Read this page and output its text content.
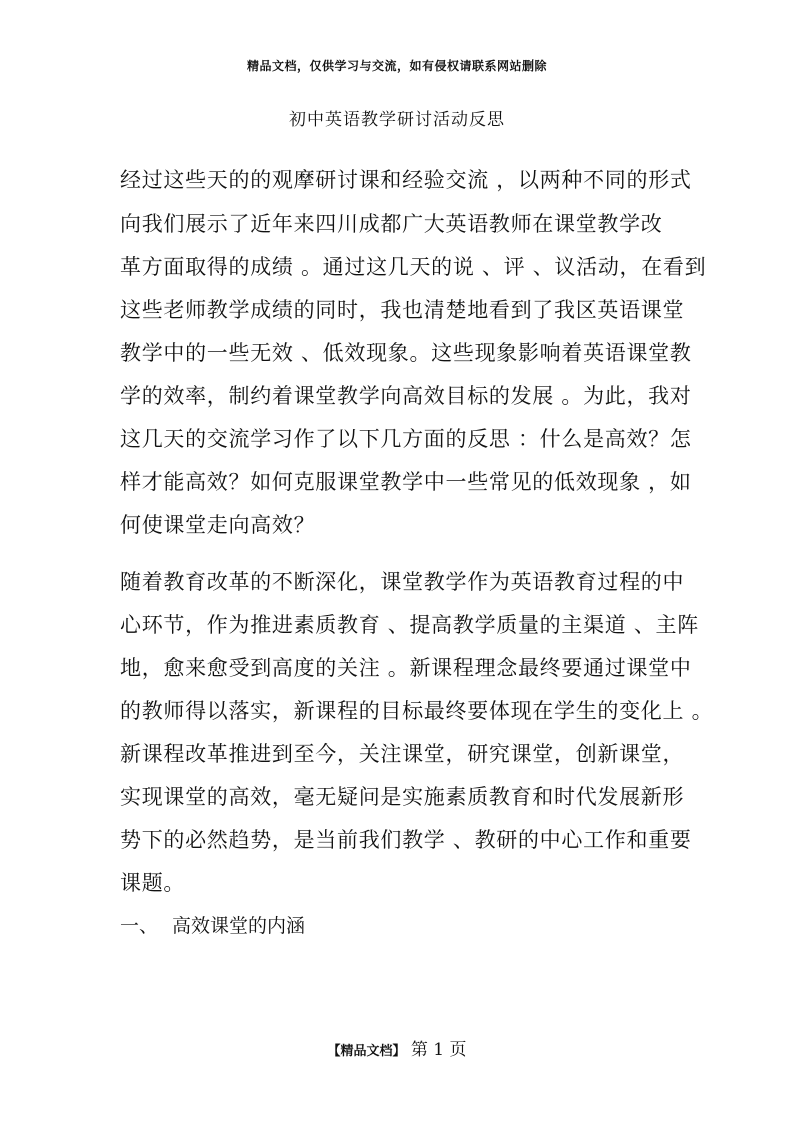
精品文档，仅供学习与交流，如有侵权请联系网站删除
初中英语教学研讨活动反思
经过这些天的的观摩研讨课和经验交流 ，以两种不同的形式
向我们展示了近年来四川成都广大英语教师在课堂教学改
革方面取得的成绩 。通过这几天的说 、评 、议活动，在看到
这些老师教学成绩的同时，我也清楚地看到了我区英语课堂
教学中的一些无效 、低效现象。这些现象影响着英语课堂教
学的效率，制约着课堂教学向高效目标的发展 。为此，我对
这几天的交流学习作了以下几方面的反思 ：什么是高效？怎
样才能高效？如何克服课堂教学中一些常见的低效现象 ，如
何使课堂走向高效？
随着教育改革的不断深化，课堂教学作为英语教育过程的中
心环节，作为推进素质教育 、提高教学质量的主渠道 、主阵
地，愈来愈受到高度的关注 。新课程理念最终要通过课堂中
的教师得以落实，新课程的目标最终要体现在学生的变化上 。
新课程改革推进到至今，关注课堂，研究课堂，创新课堂，
实现课堂的高效，毫无疑问是实施素质教育和时代发展新形
势下的必然趋势，是当前我们教学 、教研的中心工作和重要
课题。
一、 高效课堂的内涵
【精品文档】 第 1 页
